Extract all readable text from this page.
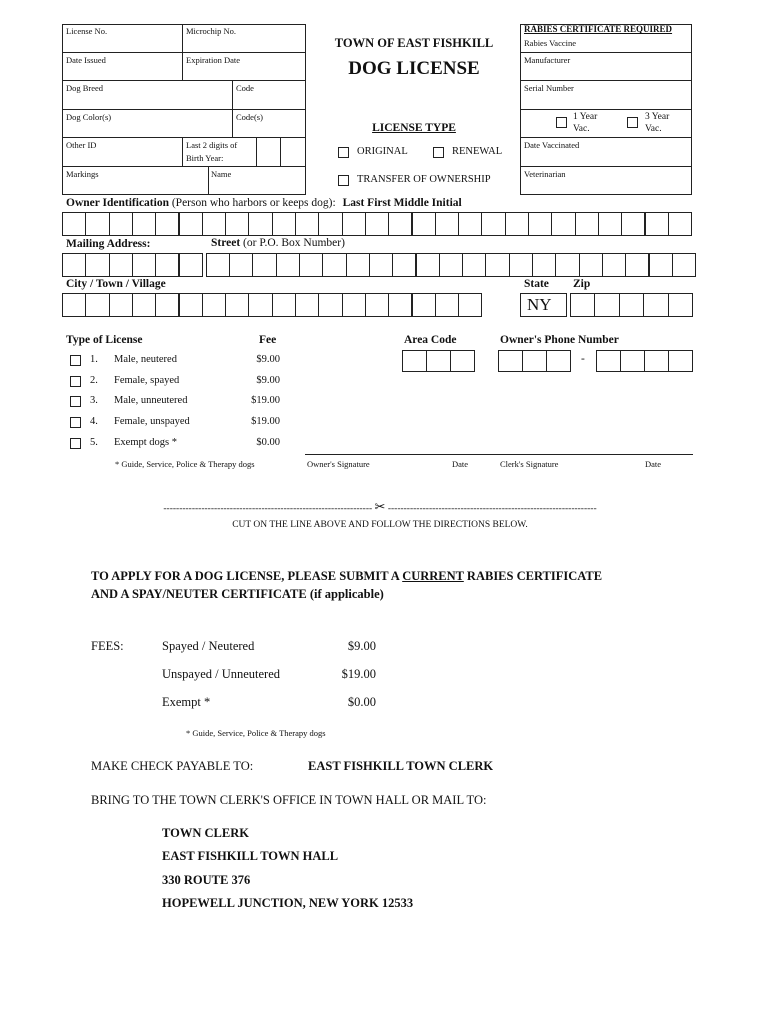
License No.	Microchip No.
Date Issued	Expiration Date
Dog Breed	Code
Dog Color(s)	Code(s)
Other ID	Last 2 digits of
Birth Year:
Markings	Name
TOWN OF EAST FISHKILL
DOG LICENSE
LICENSE TYPE
ORIGINAL	RENEWAL
TRANSFER OF OWNERSHIP
RABIES CERTIFICATE REQUIRED
Rabies Vaccine
Manufacturer
Serial Number
1 Year
Vac.
3 Year
Vac.
Date Vaccinated
Veterinarian
Owner Identification (Person who harbors or keeps dog): Last First Middle Initial
Mailing Address:	Street (or P.O. Box Number)
City / Town / Village	State Zip
NY
Type of License	Fee
1. Male, neutered	$9.00
2. Female, spayed	$9.00
3. Male, unneutered	$19.00
4. Female, unspayed	$19.00
5. Exempt dogs *	$0.00
* Guide, Service, Police & Therapy dogs
Area Code	Owner's Phone Number
-
Owner's Signature	Date	Clerk's Signature	Date
------------------------------------------------------------------ ✂ ------------------------------------------------------------------
CUT ON THE LINE ABOVE AND FOLLOW THE DIRECTIONS BELOW.
TO APPLY FOR A DOG LICENSE, PLEASE SUBMIT A CURRENT RABIES CERTIFICATE
AND A SPAY/NEUTER CERTIFICATE (if applicable)
FEES:	Spayed / Neutered	$9.00
Unspayed / Unneutered	$19.00
Exempt *	$0.00
* Guide, Service, Police & Therapy dogs
MAKE CHECK PAYABLE TO:	EAST FISHKILL TOWN CLERK
BRING TO THE TOWN CLERK'S OFFICE IN TOWN HALL OR MAIL TO:
TOWN CLERK
EAST FISHKILL TOWN HALL
330 ROUTE 376
HOPEWELL JUNCTION, NEW YORK 12533
